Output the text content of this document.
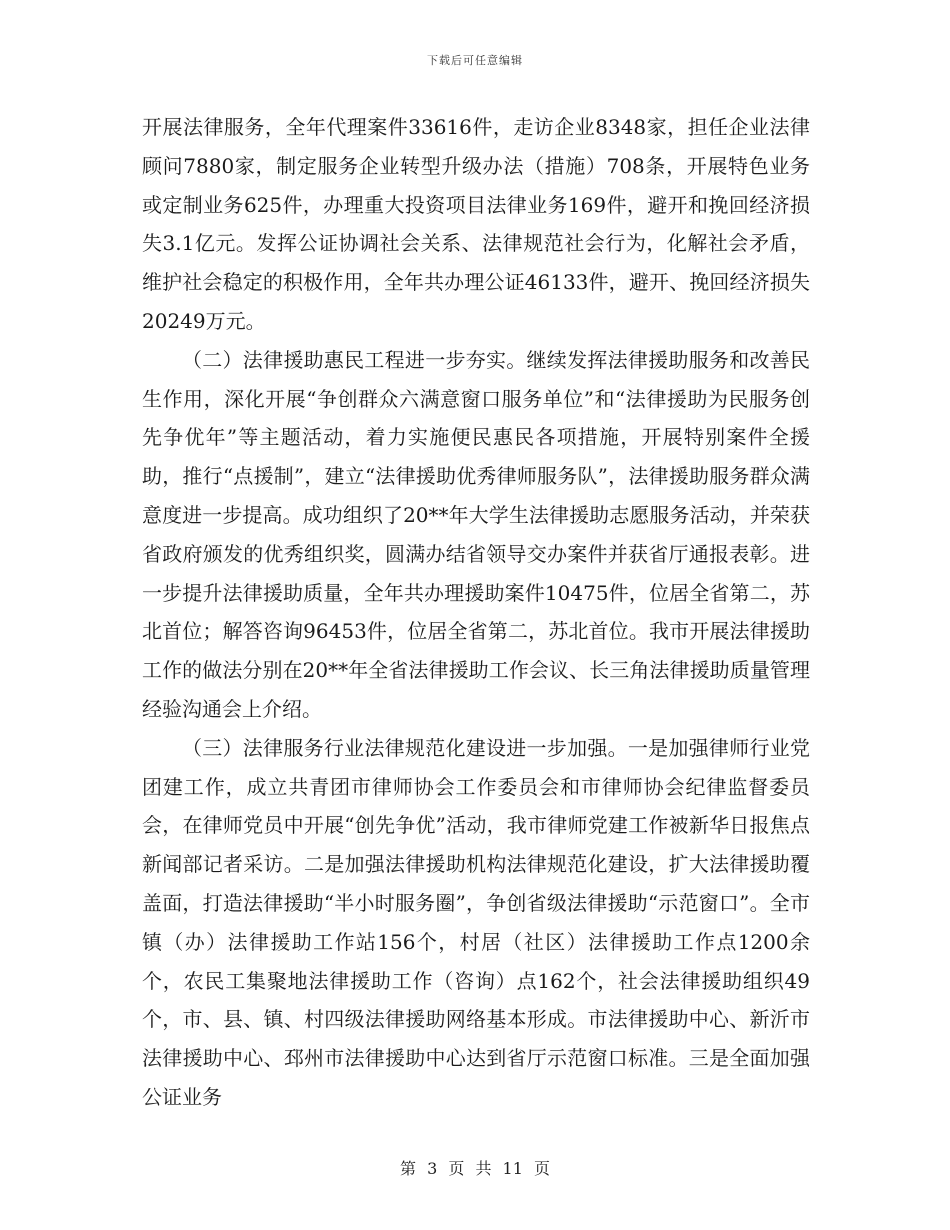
下载后可任意编辑

开展法律服务，全年代理案件33616件，走访企业8348家，担任企业法律顾问7880家，制定服务企业转型升级办法（措施）708条，开展特色业务或定制业务625件，办理重大投资项目法律业务169件，避开和挽回经济损失3.1亿元。发挥公证协调社会关系、法律规范社会行为，化解社会矛盾，维护社会稳定的积极作用，全年共办理公证46133件，避开、挽回经济损失20249万元。

（二）法律援助惠民工程进一步夯实。继续发挥法律援助服务和改善民生作用，深化开展“争创群众六满意窗口服务单位”和“法律援助为民服务创先争优年”等主题活动，着力实施便民惠民各项措施，开展特别案件全援助，推行“点援制”，建立“法律援助优秀律师服务队”，法律援助服务群众满意度进一步提高。成功组织了20**年大学生法律援助志愿服务活动，并荣获省政府颁发的优秀组织奖，圆满办结省领导交办案件并获省厅通报表彰。进一步提升法律援助质量，全年共办理援助案件10475件，位居全省第二，苏北首位；解答咨询96453件，位居全省第二，苏北首位。我市开展法律援助工作的做法分别在20**年全省法律援助工作会议、长三角法律援助质量管理经验沟通会上介绍。

（三）法律服务行业法律规范化建设进一步加强。一是加强律师行业党团建工作，成立共青团市律师协会工作委员会和市律师协会纪律监督委员会，在律师党员中开展“创先争优”活动，我市律师党建工作被新华日报焦点新闻部记者采访。二是加强法律援助机构法律规范化建设，扩大法律援助覆盖面，打造法律援助“半小时服务圈”，争创省级法律援助“示范窗口”。全市镇（办）法律援助工作站156个，村居（社区）法律援助工作点1200余个，农民工集聚地法律援助工作（咨询）点162个，社会法律援助组织49个，市、县、镇、村四级法律援助网络基本形成。市法律援助中心、新沂市法律援助中心、邳州市法律援助中心达到省厅示范窗口标准。三是全面加强公证业务

第 3 页 共 11 页
